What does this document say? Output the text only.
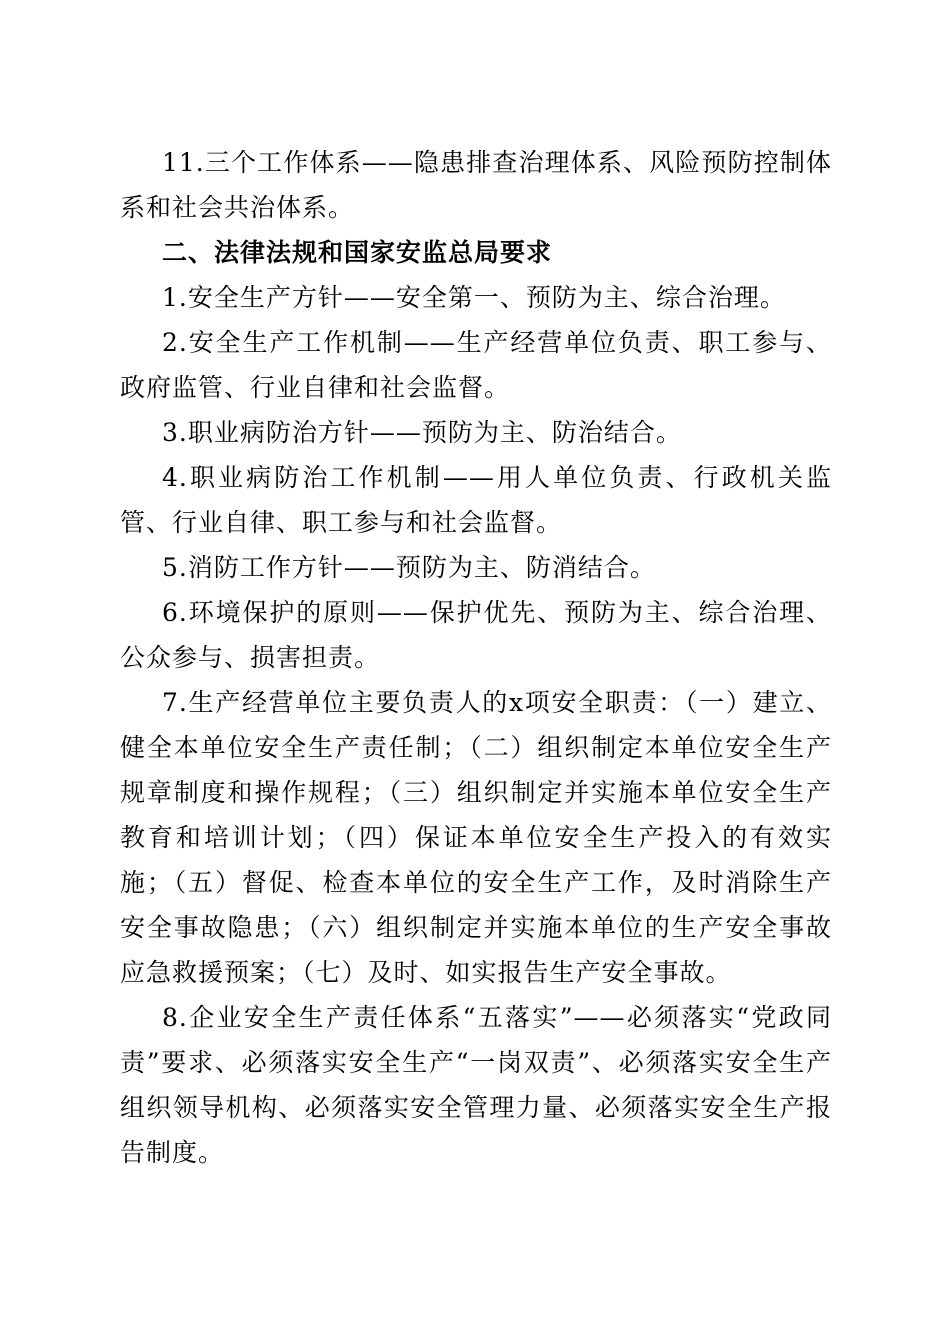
11.三个工作体系——隐患排查治理体系、风险预防控制体系和社会共治体系。

二、法律法规和国家安监总局要求

1.安全生产方针——安全第一、预防为主、综合治理。

2.安全生产工作机制——生产经营单位负责、职工参与、政府监管、行业自律和社会监督。

3.职业病防治方针——预防为主、防治结合。

4.职业病防治工作机制——用人单位负责、行政机关监管、行业自律、职工参与和社会监督。

5.消防工作方针——预防为主、防消结合。

6.环境保护的原则——保护优先、预防为主、综合治理、公众参与、损害担责。

7.生产经营单位主要负责人的x项安全职责：（一）建立、健全本单位安全生产责任制；（二）组织制定本单位安全生产规章制度和操作规程；（三）组织制定并实施本单位安全生产教育和培训计划；（四）保证本单位安全生产投入的有效实施；（五）督促、检查本单位的安全生产工作，及时消除生产安全事故隐患；（六）组织制定并实施本单位的生产安全事故应急救援预案；（七）及时、如实报告生产安全事故。

8.企业安全生产责任体系“五落实”——必须落实“党政同责”要求、必须落实安全生产“一岗双责”、必须落实安全生产组织领导机构、必须落实安全管理力量、必须落实安全生产报告制度。
